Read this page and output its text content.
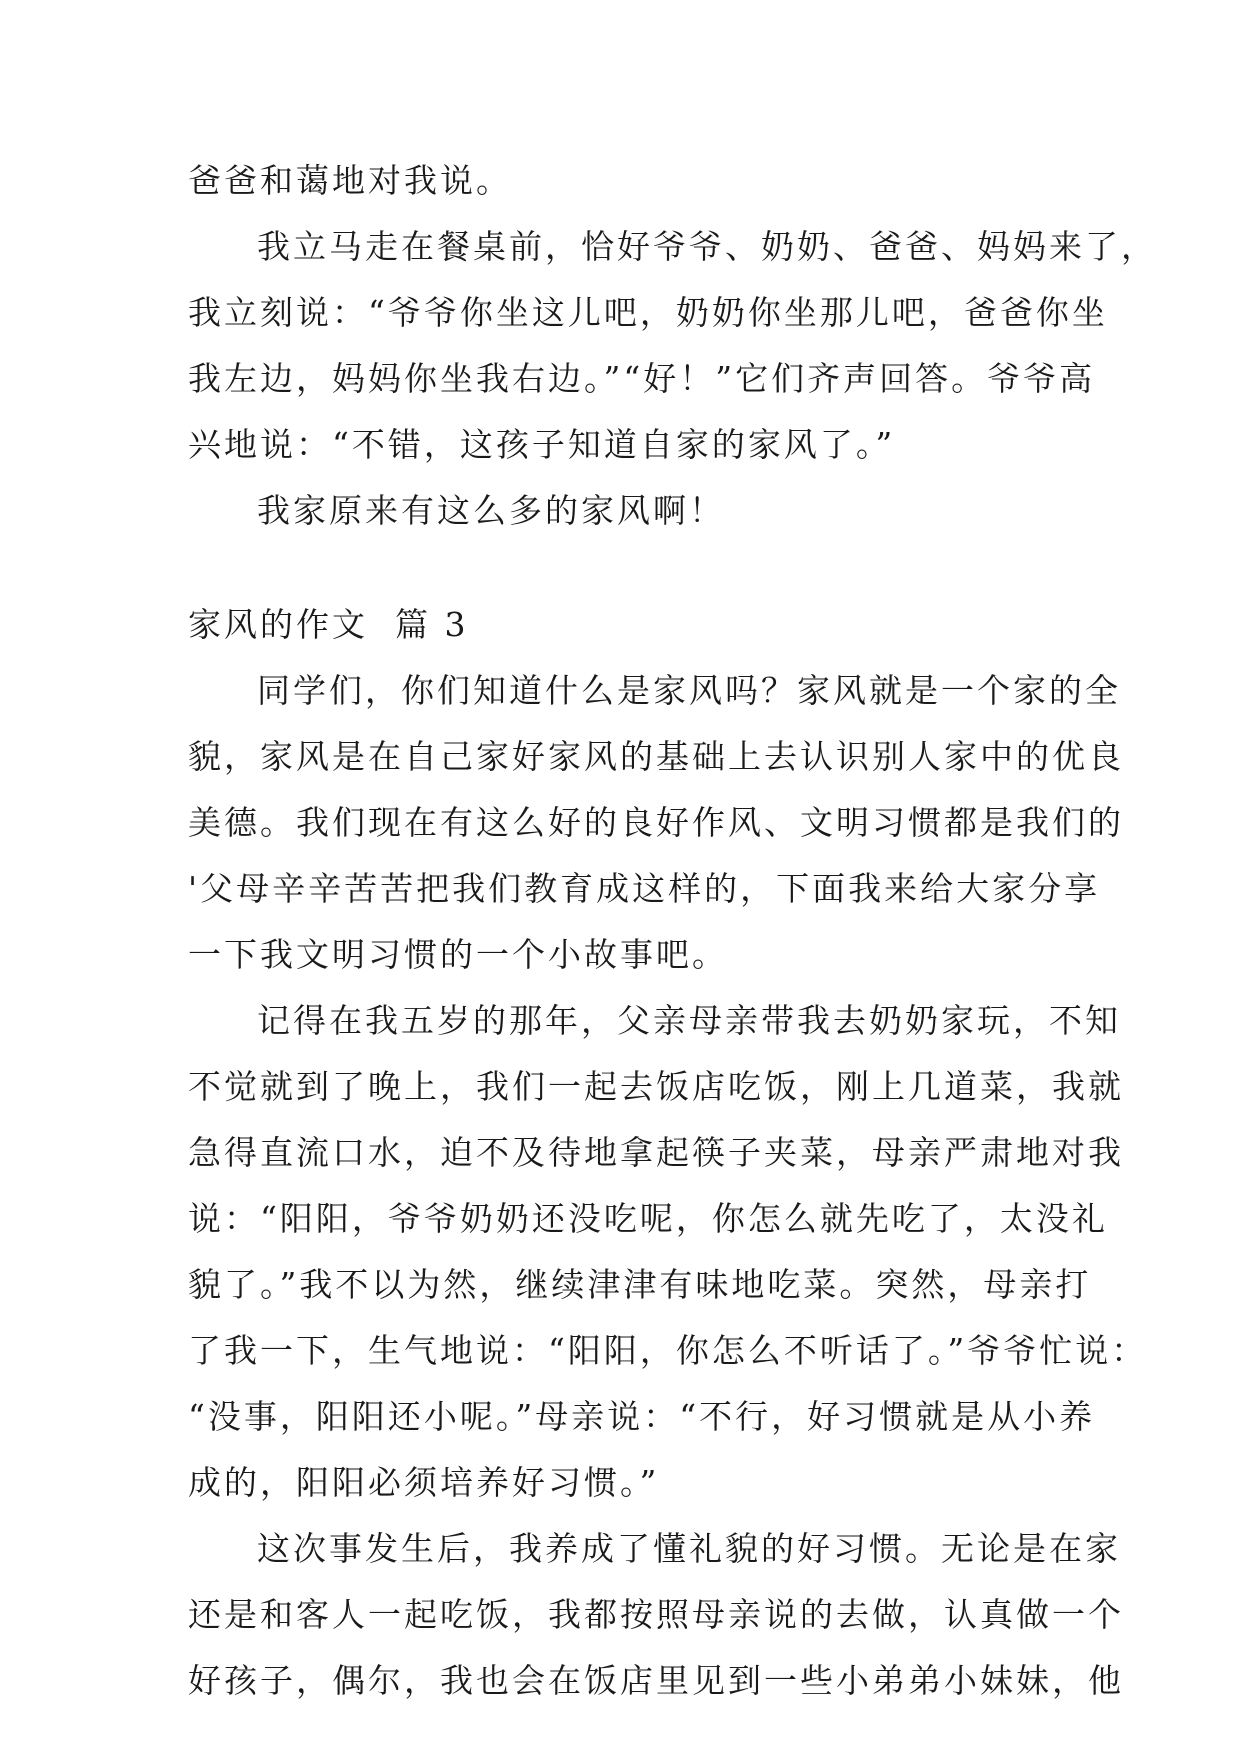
爸爸和蔼地对我说。
我立马走在餐桌前，恰好爷爷、奶奶、爸爸、妈妈来了，
我立刻说：“爷爷你坐这儿吧，奶奶你坐那儿吧，爸爸你坐
我左边，妈妈你坐我右边。”“好！”它们齐声回答。爷爷高
兴地说：“不错，这孩子知道自家的家风了。”
我家原来有这么多的家风啊！
家风的作文  篇 3
同学们，你们知道什么是家风吗？家风就是一个家的全
貌，家风是在自己家好家风的基础上去认识别人家中的优良
美德。我们现在有这么好的良好作风、文明习惯都是我们的
'父母辛辛苦苦把我们教育成这样的，下面我来给大家分享
一下我文明习惯的一个小故事吧。
记得在我五岁的那年，父亲母亲带我去奶奶家玩，不知
不觉就到了晚上，我们一起去饭店吃饭，刚上几道菜，我就
急得直流口水，迫不及待地拿起筷子夹菜，母亲严肃地对我
说：“阳阳，爷爷奶奶还没吃呢，你怎么就先吃了，太没礼
貌了。”我不以为然，继续津津有味地吃菜。突然，母亲打
了我一下，生气地说：“阳阳，你怎么不听话了。”爷爷忙说：
“没事，阳阳还小呢。”母亲说：“不行，好习惯就是从小养
成的，阳阳必须培养好习惯。”
这次事发生后，我养成了懂礼貌的好习惯。无论是在家
还是和客人一起吃饭，我都按照母亲说的去做，认真做一个
好孩子，偶尔，我也会在饭店里见到一些小弟弟小妹妹，他
